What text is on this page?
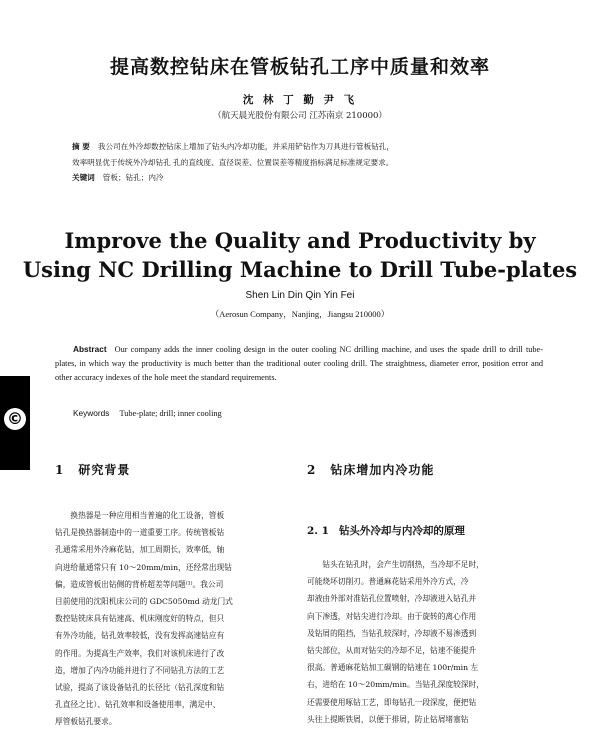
提高数控钻床在管板钻孔工序中质量和效率
沈 林 丁 勤 尹 飞
（航天晨光股份有限公司 江苏南京 210000）
摘 要 我公司在外冷却数控钻床上增加了钻头内冷却功能，并采用铲钻作为刀具进行管板钻孔，
效率明显优于传统外冷却钻孔 孔的直线度、直径误差、位置误差等精度指标满足标准规定要求。
关键词 管板；钻孔；内冷
Improve the Quality and Productivity by
Using NC Drilling Machine to Drill Tube-plates
Shen Lin Din Qin Yin Fei
（Aerosun Company，Nanjing，Jiangsu 210000）
Abstract Our company adds the inner cooling design in the outer cooling NC drilling machine, and uses the spade drill to drill tube-plates, in which way the productivity is much better than the traditional outer cooling drill. The straightness, diameter error, position error and other accuracy indexes of the hole meet the standard requirements.
Keywords Tube-plate; drill; inner cooling
©
1 研究背景	2 钻床增加内冷功能
2. 1 钻头外冷却与内冷却的原理
　　换热器是一种应用相当普遍的化工设备，管板
钻孔是换热器制造中的一道重要工序。传统管板钻
孔通常采用外冷麻花钻，加工周期长，效率低，轴
向进给量通常只有 10～20mm/min，还经常出现钻
偏，造成管板出钻侧的背桥超差等问题⁽¹⁾。我公司
目前使用的沈阳机床公司的 GDC5050md 动龙门式
数控钻铣床具有钻速高、机床刚度好的特点，但只
有外冷功能，钻孔效率较低，没有发挥高速钻应有
的作用。为提高生产效率，我们对该机床进行了改
造，增加了内冷功能并进行了不同钻孔方法的工艺
试验，提高了该设备钻孔的长径比（钻孔深度和钻
孔直径之比）、钻孔效率和设备使用率，满足中、
厚管板钻孔要求。
　　钻头在钻孔时，会产生切削热，当冷却不足时，
可能烧坏切削刃。普通麻花钻采用外冷方式，冷
却液由外部对准钻孔位置喷射，冷却液进入钻孔并
向下渗透，对钻尖进行冷却。由于旋转的离心作用
及钻屑的阻挡，当钻孔较深时，冷却液不易渗透到
钻尖部位，从而对钻尖的冷却不足，钻速不能提升
很高。普通麻花钻加工碳钢的钻速在 100r/min 左
右，进给在 10～20mm/min。当钻孔深度较深时，
还需要使用啄钻工艺，即每钻孔一段深度，便把钻
头往上提断铁屑，以便于排屑，防止钻屑堵塞钻
